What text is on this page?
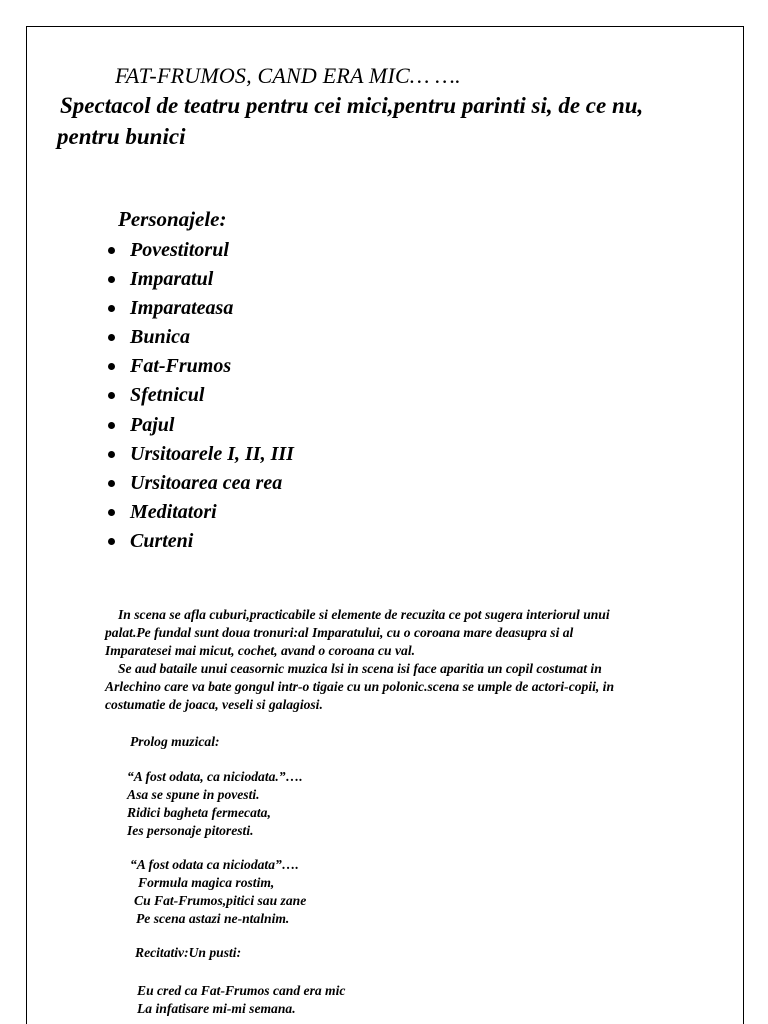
FAT-FRUMOS, CAND ERA MIC… ….
Spectacol de teatru pentru cei mici,pentru parinti si, de ce nu,
pentru bunici
Personajele:
Povestitorul
Imparatul
Imparateasa
Bunica
Fat-Frumos
Sfetnicul
Pajul
Ursitoarele I, II, III
Ursitoarea cea rea
Meditatori
Curteni
In scena se afla cuburi,practicabile si elemente de recuzita ce pot sugera interiorul unui
palat.Pe fundal sunt doua tronuri:al Imparatului, cu o coroana mare deasupra si al
Imparatesei mai micut, cochet, avand o coroana cu val.
Se aud bataile unui ceasornic muzica lsi in scena isi face aparitia un copil costumat in
Arlechino care va bate gongul intr-o tigaie cu un polonic.scena se umple de actori-copii, in
costumatie de joaca, veseli si galagiosi.
Prolog muzical:
“A fost odata, ca niciodata.”….
Asa se spune in povesti.
Ridici bagheta fermecata,
Ies personaje pitoresti.
“A fost odata ca niciodata”….
Formula magica rostim,
Cu Fat-Frumos,pitici sau zane
Pe scena astazi ne-ntalnim.
Recitativ:Un pusti:
Eu cred ca Fat-Frumos cand era mic
La infatisare mi-mi semana.
